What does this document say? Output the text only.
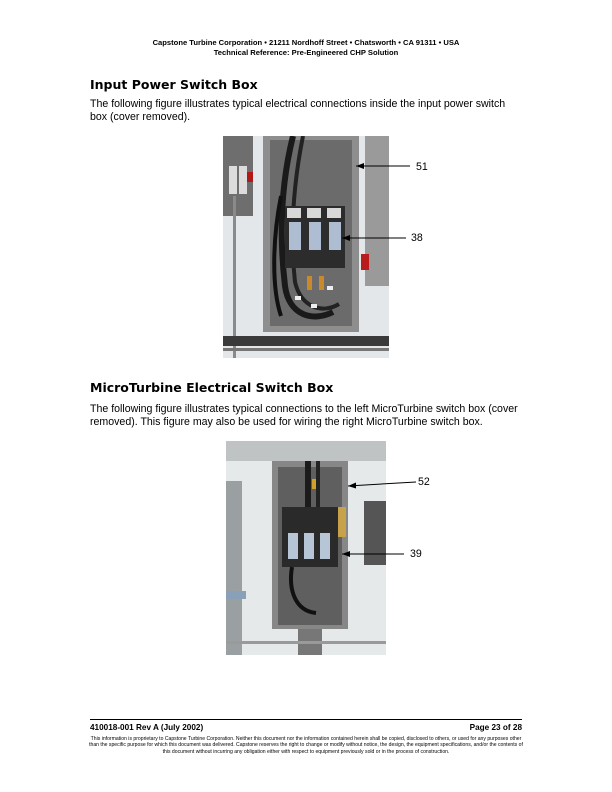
Capstone Turbine Corporation • 21211 Nordhoff Street • Chatsworth • CA 91311 • USA
Technical Reference: Pre-Engineered CHP Solution
Input Power Switch Box
The following figure illustrates typical electrical connections inside the input power switch box (cover removed).
51
38
MicroTurbine Electrical Switch Box
The following figure illustrates typical connections to the left MicroTurbine switch box (cover removed). This figure may also be used for wiring the right MicroTurbine switch box.
52
39
410018-001 Rev A (July 2002)	Page 23 of 28
This information is proprietary to Capstone Turbine Corporation. Neither this document nor the information contained herein shall be copied, disclosed to others, or used for any purposes other than the specific purpose for which this document was delivered. Capstone reserves the right to change or modify without notice, the design, the equipment specifications, and/or the contents of this document without incurring any obligation either with respect to equipment previously sold or in the process of construction.
